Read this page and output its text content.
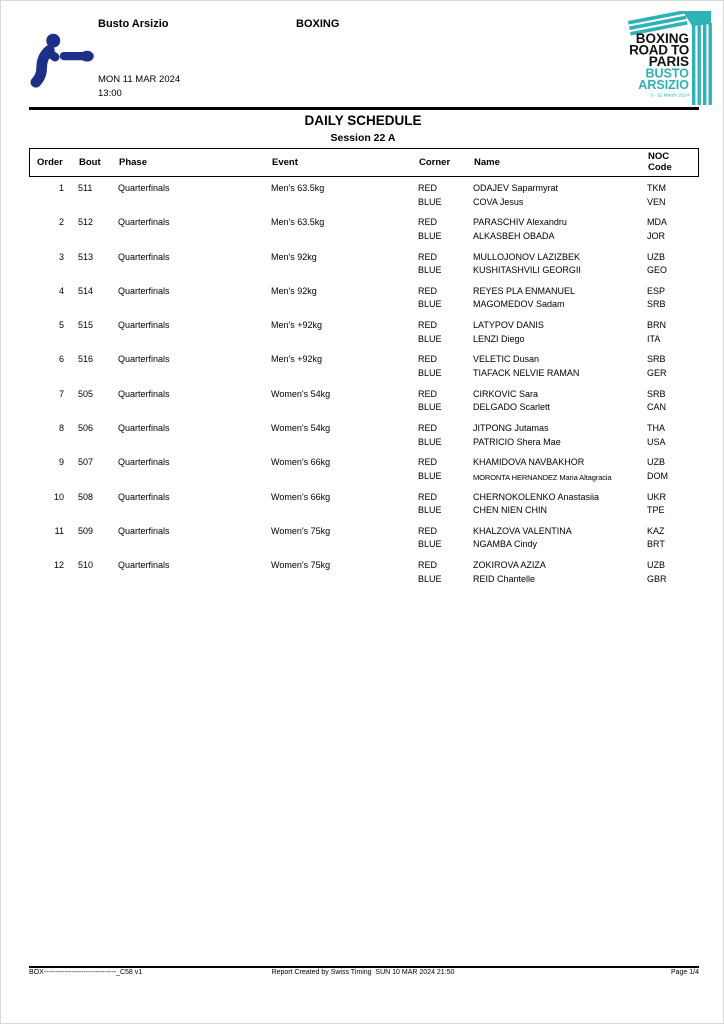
Busto Arsizio	BOXING
MON 11 MAR 2024
13:00
BOXING
ROAD TO
PARIS
BUSTO
ARSIZIO
3 - 11 March 2024
DAILY SCHEDULE
Session 22 A
Order	Bout	Phase	Event	Corner	Name
NOC
Code
1	511	Quarterfinals	Men's 63.5kg	RED	ODAJEV Saparmyrat	TKM
BLUE	COVA Jesus	VEN
2	512	Quarterfinals	Men's 63.5kg	RED	PARASCHIV Alexandru	MDA
BLUE	ALKASBEH OBADA	JOR
3	513	Quarterfinals	Men's 92kg	RED	MULLOJONOV LAZIZBEK	UZB
BLUE	KUSHITASHVILI GEORGII	GEO
4	514	Quarterfinals	Men's 92kg	RED	REYES PLA ENMANUEL	ESP
BLUE	MAGOMEDOV Sadam	SRB
5	515	Quarterfinals	Men's +92kg	RED	LATYPOV DANIS	BRN
BLUE	LENZI Diego	ITA
6	516	Quarterfinals	Men's +92kg	RED	VELETIC Dusan	SRB
BLUE	TIAFACK NELVIE RAMAN	GER
7	505	Quarterfinals	Women's 54kg	RED	CIRKOVIC Sara	SRB
BLUE	DELGADO Scarlett	CAN
8	506	Quarterfinals	Women's 54kg	RED	JITPONG Jutamas	THA
BLUE	PATRICIO Shera Mae	USA
9	507	Quarterfinals	Women's 66kg	RED	KHAMIDOVA NAVBAKHOR	UZB
BLUE	MORONTA HERNANDEZ Maria Altagracia	DOM
10	508	Quarterfinals	Women's 66kg	RED	CHERNOKOLENKO Anastasiia	UKR
BLUE	CHEN NIEN CHIN	TPE
11	509	Quarterfinals	Women's 75kg	RED	KHALZOVA VALENTINA	KAZ
BLUE	NGAMBA Cindy	BRT
12	510	Quarterfinals	Women's 75kg	RED	ZOKIROVA AZIZA	UZB
BLUE	REID Chantelle	GBR
BOX-------------------------------_C58 v1	Report Created by Swiss Timing  SUN 10 MAR 2024 21:50	Page 1/4
